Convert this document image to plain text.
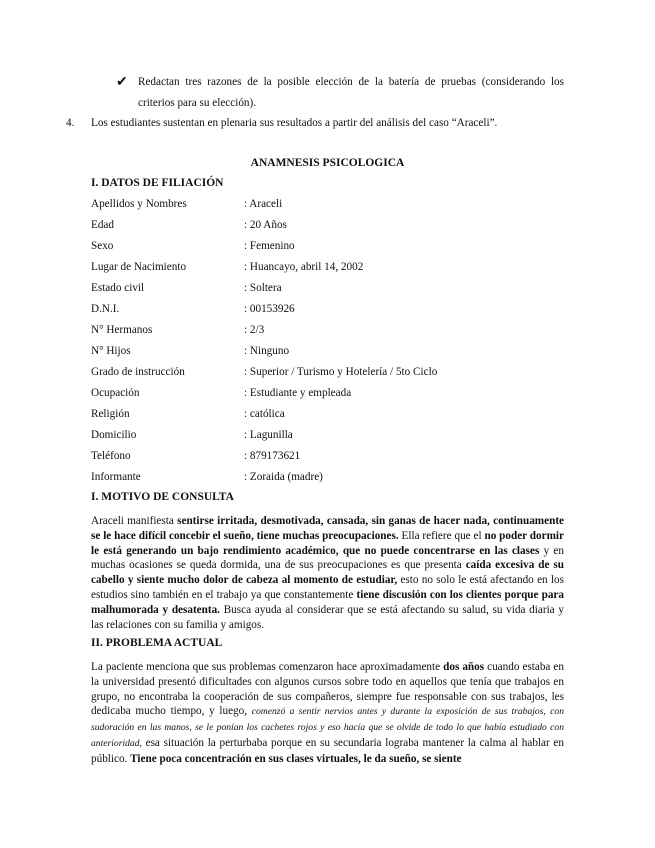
✔ Redactan tres razones de la posible elección de la batería de pruebas (considerando los criterios para su elección).
4. Los estudiantes sustentan en plenaria sus resultados a partir del análisis del caso “Araceli”.
ANAMNESIS PSICOLOGICA
I. DATOS DE FILIACIÓN
Apellidos y Nombres	: Araceli
Edad	: 20 Años
Sexo	: Femenino
Lugar de Nacimiento	: Huancayo, abril 14, 2002
Estado civil	: Soltera
D.N.I.	: 00153926
N° Hermanos	: 2/3
N° Hijos	: Ninguno
Grado de instrucción	: Superior / Turismo y Hotelería / 5to Ciclo
Ocupación	: Estudiante y empleada
Religión	: católica
Domicilio	: Lagunilla
Teléfono	: 879173621
Informante	: Zoraida (madre)
I. MOTIVO DE CONSULTA
Araceli manifiesta sentirse irritada, desmotivada, cansada, sin ganas de hacer nada, continuamente se le hace difícil concebir el sueño, tiene muchas preocupaciones. Ella refiere que el no poder dormir le está generando un bajo rendimiento académico, que no puede concentrarse en las clases y en muchas ocasiones se queda dormida, una de sus preocupaciones es que presenta caída excesiva de su cabello y siente mucho dolor de cabeza al momento de estudiar, esto no solo le está afectando en los estudios sino también en el trabajo ya que constantemente tiene discusión con los clientes porque para malhumorada y desatenta. Busca ayuda al considerar que se está afectando su salud, su vida diaria y las relaciones con su familia y amigos.
II. PROBLEMA ACTUAL
La paciente menciona que sus problemas comenzaron hace aproximadamente dos años cuando estaba en la universidad presentó dificultades con algunos cursos sobre todo en aquellos que tenía que trabajos en grupo, no encontraba la cooperación de sus compañeros, siempre fue responsable con sus trabajos, les dedicaba mucho tiempo, y luego, comenzó a sentir nervios antes y durante la exposición de sus trabajos, con sudoración en las manos, se le ponían los cachetes rojos y eso hacía que se olvide de todo lo que había estudiado con anterioridad, esa situación la perturbaba porque en su secundaria lograba mantener la calma al hablar en público. Tiene poca concentración en sus clases virtuales, le da sueño, se siente
